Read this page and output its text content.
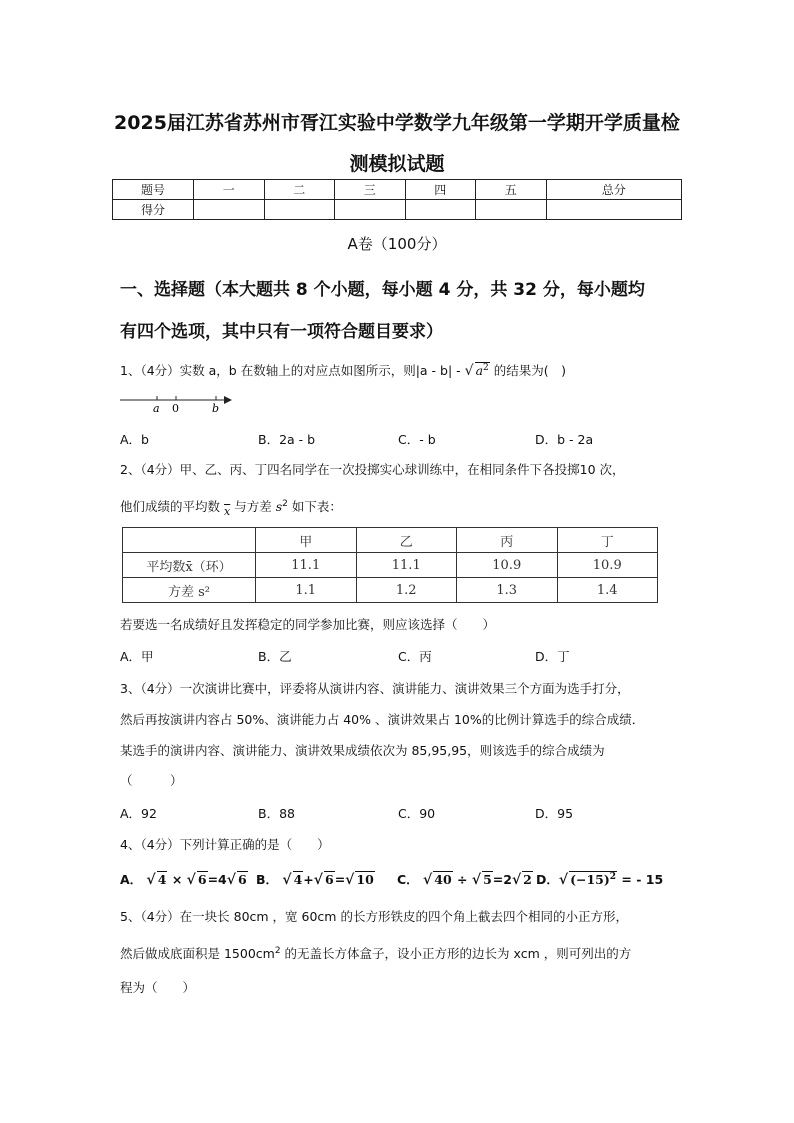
2025届江苏省苏州市胥江实验中学数学九年级第一学期开学质量检
测模拟试题
题号	一	二	三	四	五	总分
得分						
A卷（100分）
一、选择题（本大题共 8 个小题，每小题 4 分，共 32 分，每小题均
有四个选项，其中只有一项符合题目要求）
1、（4分）实数 a，b 在数轴上的对应点如图所示，则|a - b| - √ $a^2$ 的结果为(　)
a 0	b
A．b	B．2a - b	C．- b	D．b - 2a
2、（4分）甲、乙、丙、丁四名同学在一次投掷实心球训练中，在相同条件下各投掷10 次，
他们成绩的平均数 $\overline{x}$ 与方差 $s^2$ 如下表：
	甲	乙	丙	丁
平均数x̄（环）	11.1	11.1	10.9	10.9
方差 s²	1.1	1.2	1.3	1.4
若要选一名成绩好且发挥稳定的同学参加比赛，则应该选择（　　）
A．甲	B．乙	C．丙	D．丁
3、（4分）一次演讲比赛中，评委将从演讲内容、演讲能力、演讲效果三个方面为选手打分，
然后再按演讲内容占 50%、演讲能力占 40% 、演讲效果占 10%的比例计算选手的综合成绩．
某选手的演讲内容、演讲能力、演讲效果成绩依次为 85,95,95，则该选手的综合成绩为
（　　　）
A．92	B．88	C．90	D．95
4、（4分）下列计算正确的是（　　）
A． √ 4 × √ 6=4√ 6 B． √ 4+√ 6=√ 10 C． √ 40 ÷ √ 5=2√ 2 D．√ $(-15)^2$ = - 15
5、（4分）在一块长 80cm ，宽 60cm 的长方形铁皮的四个角上截去四个相同的小正方形，
然后做成底面积是 $1500cm^2$ 的无盖长方体盒子，设小正方形的边长为 xcm ，则可列出的方
程为（　　）
